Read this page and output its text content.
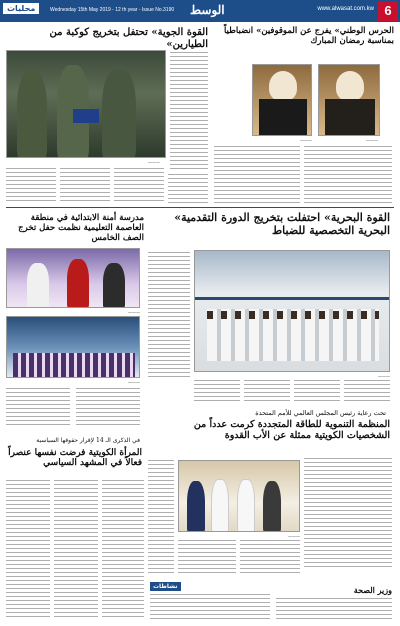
6
www.alwasat.com.kw
الوسط
Wednesday 15th May 2019 - 12 th year - Issue No.3190
محليات
القوة الجوية» تحتفل بتخريج كوكبة من الطيارين»
———
الحرس الوطني» يفرج عن الموقوفين» انضباطياً بمناسبة رمضان المبارك
———	———
القوة البحرية» احتفلت بتخريج الدورة التقدمية» البحرية التخصصية للضباط
———
مدرسة أمنة الابتدائية في منطقة العاصمة التعليمية نظمت حفل تخرج الصف الخامس
———
———
تحت رعاية رئيس المجلس العالمي للأمم المتحدة
المنظمة التنموية للطاقة المتجددة كرمت عدداً من الشخصيات الكويتية ممثلة عن الأب القدوة
———
في الذكرى الـ 14 لإقرار حقوقها السياسية
المرأة الكويتية فرضت نفسها عنصراً فعالاً في المشهد السياسي
نشاطات	وزير الصحة
